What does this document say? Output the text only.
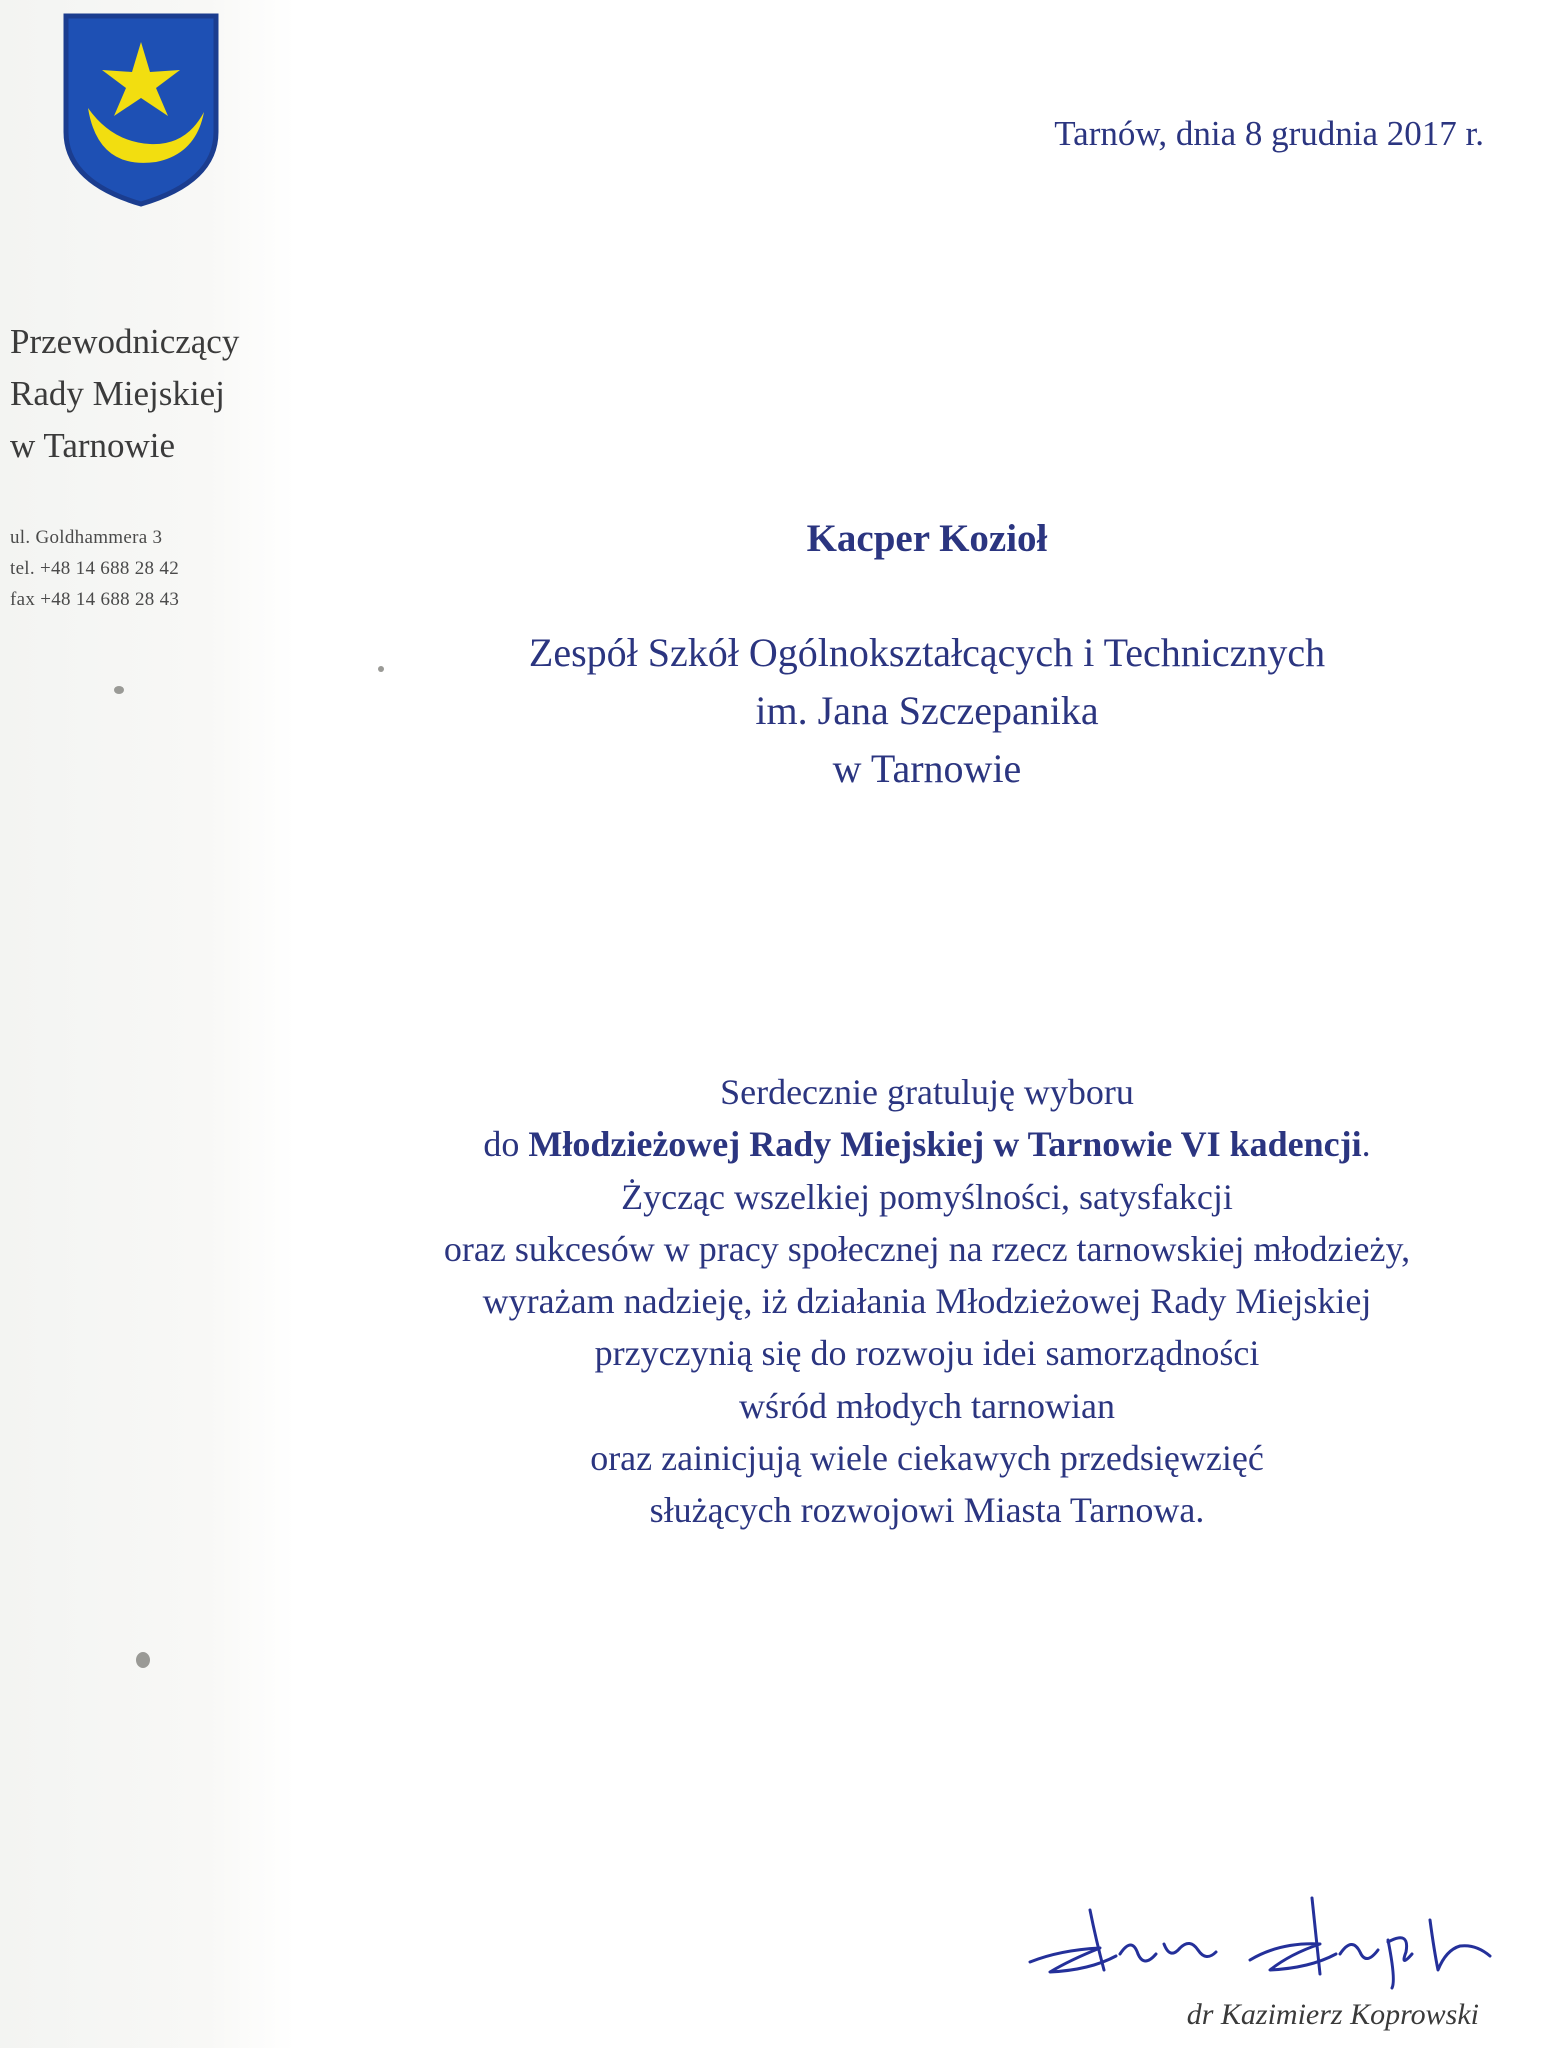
Przewodniczący
Rady Miejskiej
w Tarnowie
ul. Goldhammera 3
tel. +48 14 688 28 42
fax +48 14 688 28 43
Tarnów, dnia 8 grudnia 2017 r.
Kacper Kozioł
Zespół Szkół Ogólnokształcących i Technicznych
im. Jana Szczepanika
w Tarnowie
Serdecznie gratuluję wyboru
do Młodzieżowej Rady Miejskiej w Tarnowie VI kadencji.
Życząc wszelkiej pomyślności, satysfakcji
oraz sukcesów w pracy społecznej na rzecz tarnowskiej młodzieży,
wyrażam nadzieję, iż działania Młodzieżowej Rady Miejskiej
przyczynią się do rozwoju idei samorządności
wśród młodych tarnowian
oraz zainicjują wiele ciekawych przedsięwzięć
służących rozwojowi Miasta Tarnowa.
dr Kazimierz Koprowski
